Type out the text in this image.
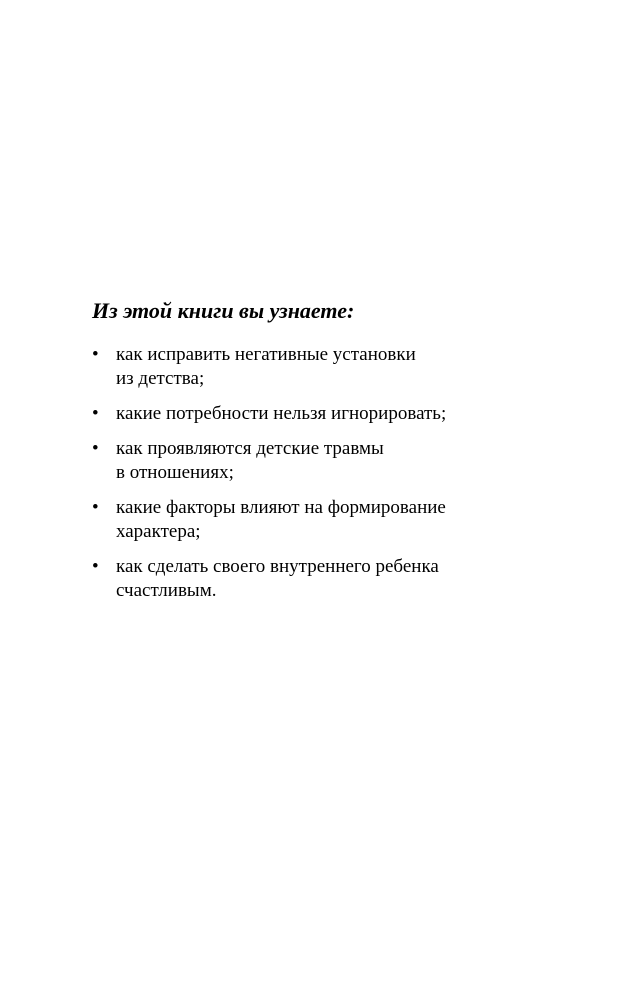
Из этой книги вы узнаете:
• как исправить негативные установки
из детства;
• какие потребности нельзя игнорировать;
• как проявляются детские травмы
в отношениях;
• какие факторы влияют на формирование
характера;
• как сделать своего внутреннего ребенка
счастливым.
